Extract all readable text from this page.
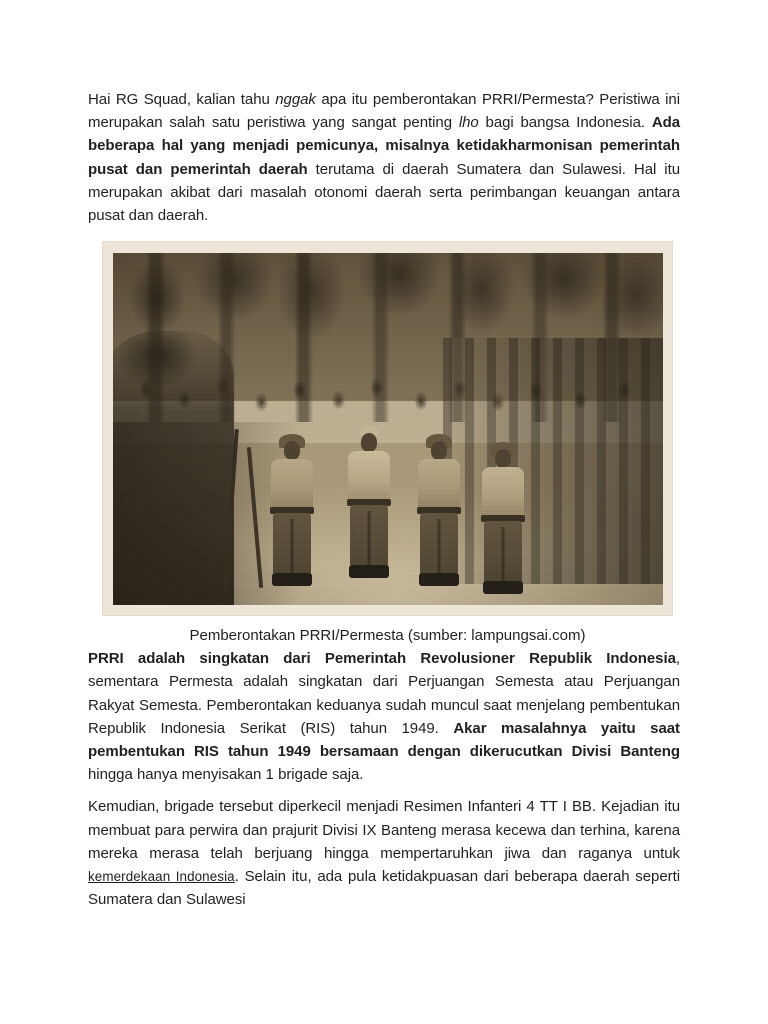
Hai RG Squad, kalian tahu nggak apa itu pemberontakan PRRI/Permesta? Peristiwa ini merupakan salah satu peristiwa yang sangat penting lho bagi bangsa Indonesia. Ada beberapa hal yang menjadi pemicunya, misalnya ketidakharmonisan pemerintah pusat dan pemerintah daerah terutama di daerah Sumatera dan Sulawesi. Hal itu merupakan akibat dari masalah otonomi daerah serta perimbangan keuangan antara pusat dan daerah.

Pemberontakan PRRI/Permesta (sumber: lampungsai.com)

PRRI adalah singkatan dari Pemerintah Revolusioner Republik Indonesia, sementara Permesta adalah singkatan dari Perjuangan Semesta atau Perjuangan Rakyat Semesta. Pemberontakan keduanya sudah muncul saat menjelang pembentukan Republik Indonesia Serikat (RIS) tahun 1949. Akar masalahnya yaitu saat pembentukan RIS tahun 1949 bersamaan dengan dikerucutkan Divisi Banteng hingga hanya menyisakan 1 brigade saja.

Kemudian, brigade tersebut diperkecil menjadi Resimen Infanteri 4 TT I BB. Kejadian itu membuat para perwira dan prajurit Divisi IX Banteng merasa kecewa dan terhina, karena mereka merasa telah berjuang hingga mempertaruhkan jiwa dan raganya untuk kemerdekaan Indonesia. Selain itu, ada pula ketidakpuasan dari beberapa daerah seperti Sumatera dan Sulawesi
